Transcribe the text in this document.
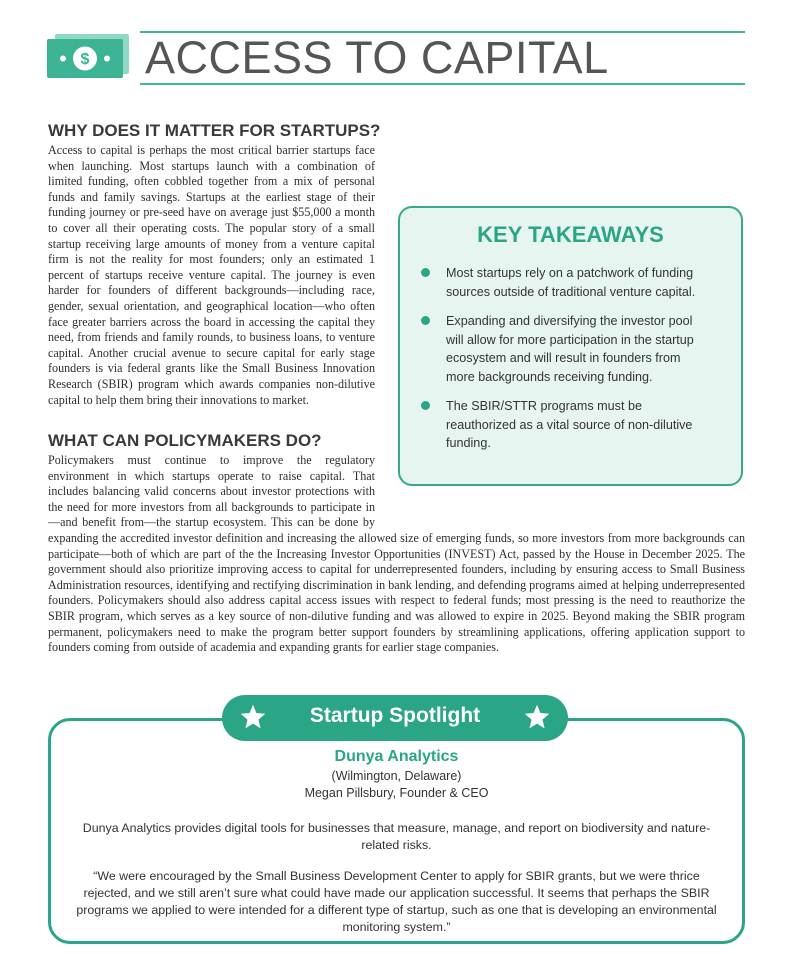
$ ACCESS TO CAPITAL
WHY DOES IT MATTER FOR STARTUPS?
Access to capital is perhaps the most critical barrier startups face when launching. Most startups launch with a combination of limited funding, often cobbled together from a mix of personal funds and family savings. Startups at the earliest stage of their funding journey or pre-seed have on average just $55,000 a month to cover all their operating costs. The popular story of a small startup receiving large amounts of money from a venture capital firm is not the reality for most founders; only an estimated 1 percent of startups receive venture capital. The journey is even harder for founders of different backgrounds—including race, gender, sexual orientation, and geographical location—who often face greater barriers across the board in accessing the capital they need, from friends and family rounds, to business loans, to venture capital. Another crucial avenue to secure capital for early stage founders is via federal grants like the Small Business Innovation Research (SBIR) program which awards companies non-dilutive capital to help them bring their innovations to market.
WHAT CAN POLICYMAKERS DO?
Policymakers must continue to improve the regulatory environment in which startups operate to raise capital. That includes balancing valid concerns about investor protections with the need for more investors from all backgrounds to participate in—and benefit from—the startup ecosystem. This can be done by expanding the accredited investor definition and increasing the allowed size of emerging funds, so more investors from more backgrounds can participate—both of which are part of the the Increasing Investor Opportunities (INVEST) Act, passed by the House in December 2025. The government should also prioritize improving access to capital for underrepresented founders, including by ensuring access to Small Business Administration resources, identifying and rectifying discrimination in bank lending, and defending programs aimed at helping underrepresented founders. Policymakers should also address capital access issues with respect to federal funds; most pressing is the need to reauthorize the SBIR program, which serves as a key source of non-dilutive funding and was allowed to expire in 2025. Beyond making the SBIR program permanent, policymakers need to make the program better support founders by streamlining applications, offering application support to founders coming from outside of academia and expanding grants for earlier stage companies.
KEY TAKEAWAYS
Most startups rely on a patchwork of funding sources outside of traditional venture capital.
Expanding and diversifying the investor pool will allow for more participation in the startup ecosystem and will result in founders from more backgrounds receiving funding.
The SBIR/STTR programs must be reauthorized as a vital source of non-dilutive funding.
Startup Spotlight
Dunya Analytics
(Wilmington, Delaware)
Megan Pillsbury, Founder & CEO
Dunya Analytics provides digital tools for businesses that measure, manage, and report on biodiversity and nature-related risks.
“We were encouraged by the Small Business Development Center to apply for SBIR grants, but we were thrice rejected, and we still aren’t sure what could have made our application successful. It seems that perhaps the SBIR programs we applied to were intended for a different type of startup, such as one that is developing an environmental monitoring system.”
